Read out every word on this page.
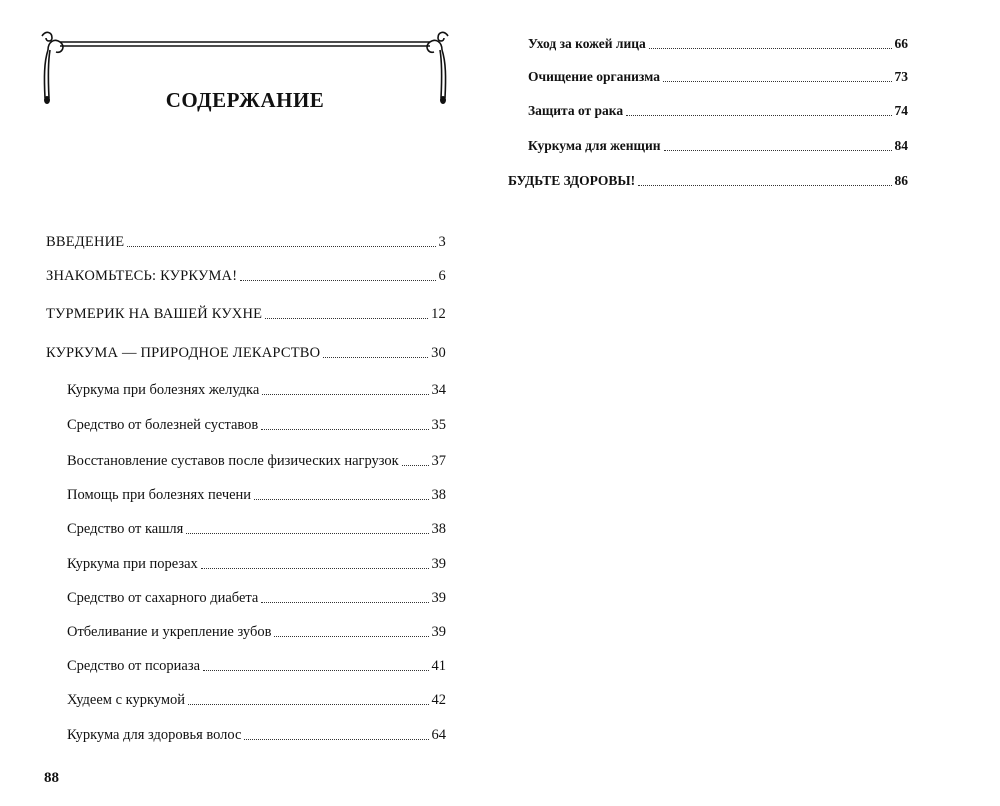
СОДЕРЖАНИЕ
ВВЕДЕНИЕ	3
ЗНАКОМЬТЕСЬ: КУРКУМА!	6
ТУРМЕРИК НА ВАШЕЙ КУХНЕ	12
КУРКУМА — ПРИРОДНОЕ ЛЕКАРСТВО	30
Куркума при болезнях желудка	34
Средство от болезней суставов	35
Восстановление суставов после физических нагрузок 37
Помощь при болезнях печени	38
Средство от кашля	38
Куркума при порезах	39
Средство от сахарного диабета	39
Отбеливание и укрепление зубов	39
Средство от псориаза	41
Худеем с куркумой	42
Куркума для здоровья волос	64
Уход за кожей лица	66
Очищение организма	73
Защита от рака	74
Куркума для женщин	84
БУДЬТЕ ЗДОРОВЫ!	86
88
